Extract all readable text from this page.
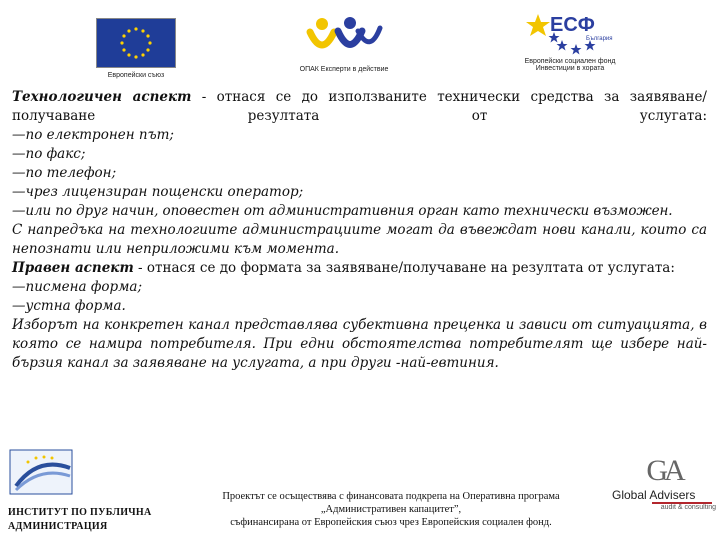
Европейски съюз
ОПАК Експерти в действие
ЕСФ
България
Европейски социален фонд
Инвестиции в хората

Технологичен аспект - отнася се до използваните технически средства за заявяване/получаване резултата от услугата:

—по електронен път;

—по факс;

—по телефон;

—чрез лицензиран пощенски оператор;

—или по друг начин, оповестен от административния орган като технически възможен.

С напредъка на технологиите администрациите могат да въвеждат нови канали, които са непознати или неприложими към момента.

Правен аспект - отнася се до формата за заявяване/получаване на резултата от услугата:

—писмена форма;

—устна форма.

Изборът на конкретен канал представлява субективна преценка и зависи от ситуацията, в която се намира потребителя. При едни обстоятелства потребителят ще избере най-бързия канал за заявяване на услугата, а при други -най-евтиния.

ИНСТИТУТ ПО ПУБЛИЧНА
АДМИНИСТРАЦИЯ
Проектът се осъществява с финансовата подкрепа на Оперативна програма
„Административен капацитет”,
съфинансирана от Европейския съюз чрез Европейския социален фонд.
GA
Global Advisers
audit & consulting
